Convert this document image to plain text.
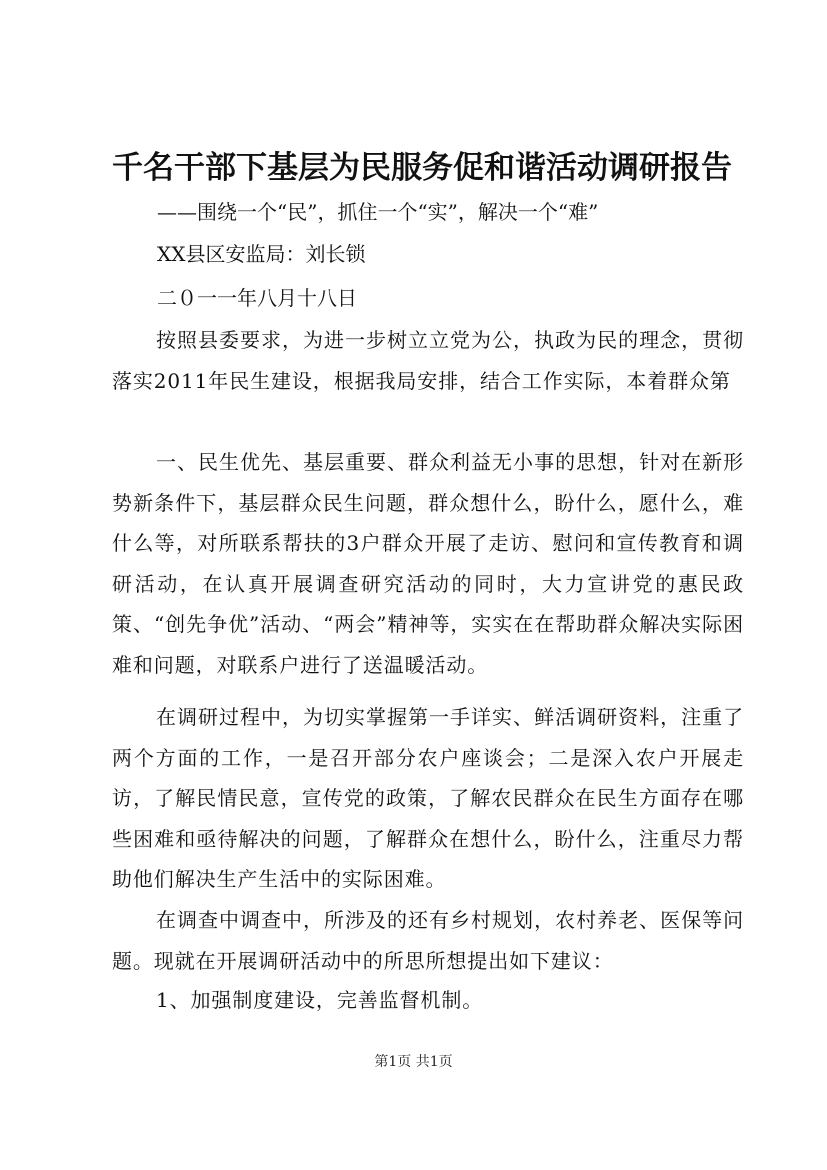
千名干部下基层为民服务促和谐活动调研报告
——围绕一个“民”，抓住一个“实”，解决一个“难”
XX县区安监局：刘长锁
二０一一年八月十八日

按照县委要求，为进一步树立立党为公，执政为民的理念，贯彻落实2011年民生建设，根据我局安排，结合工作实际，本着群众第

一、民生优先、基层重要、群众利益无小事的思想，针对在新形势新条件下，基层群众民生问题，群众想什么，盼什么，愿什么，难什么等，对所联系帮扶的3户群众开展了走访、慰问和宣传教育和调研活动，在认真开展调查研究活动的同时，大力宣讲党的惠民政策、“创先争优”活动、“两会”精神等，实实在在帮助群众解决实际困难和问题，对联系户进行了送温暖活动。

在调研过程中，为切实掌握第一手详实、鲜活调研资料，注重了两个方面的工作，一是召开部分农户座谈会；二是深入农户开展走访，了解民情民意，宣传党的政策，了解农民群众在民生方面存在哪些困难和亟待解决的问题，了解群众在想什么，盼什么，注重尽力帮助他们解决生产生活中的实际困难。

在调查中调查中，所涉及的还有乡村规划，农村养老、医保等问题。现就在开展调研活动中的所思所想提出如下建议：

1、加强制度建设，完善监督机制。

第1页 共1页
